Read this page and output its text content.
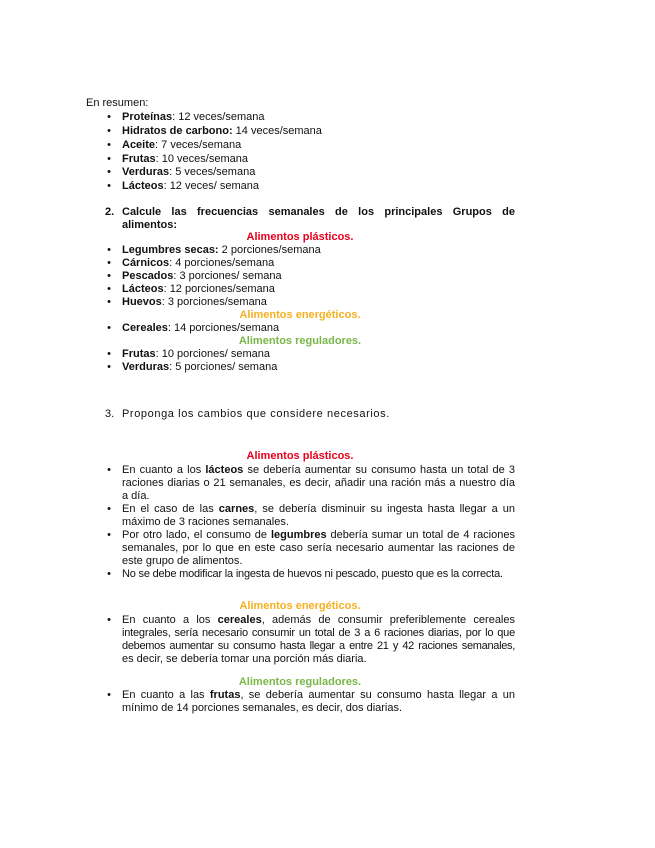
En resumen:
• Proteínas: 12 veces/semana
• Hidratos de carbono: 14 veces/semana
• Aceite: 7 veces/semana
• Frutas: 10 veces/semana
• Verduras: 5 veces/semana
• Lácteos: 12 veces/ semana
2. Calcule las frecuencias semanales de los principales Grupos de
alimentos:
Alimentos plásticos.
• Legumbres secas: 2 porciones/semana
• Cárnicos: 4 porciones/semana
• Pescados: 3 porciones/ semana
• Lácteos: 12 porciones/semana
• Huevos: 3 porciones/semana
Alimentos energéticos.
• Cereales: 14 porciones/semana
Alimentos reguladores.
• Frutas: 10 porciones/ semana
• Verduras: 5 porciones/ semana
3. Proponga los cambios que considere necesarios.
Alimentos plásticos.
• En cuanto a los lácteos se debería aumentar su consumo hasta un total de 3
raciones diarias o 21 semanales, es decir, añadir una ración más a nuestro día
a día.
• En el caso de las carnes, se debería disminuir su ingesta hasta llegar a un
máximo de 3 raciones semanales.
• Por otro lado, el consumo de legumbres debería sumar un total de 4 raciones
semanales, por lo que en este caso sería necesario aumentar las raciones de
este grupo de alimentos.
• No se debe modificar la ingesta de huevos ni pescado, puesto que es la correcta.
Alimentos energéticos.
• En cuanto a los cereales, además de consumir preferiblemente cereales
integrales, sería necesario consumir un total de 3 a 6 raciones diarias, por lo que
debemos aumentar su consumo hasta llegar a entre 21 y 42 raciones semanales,
es decir, se debería tomar una porción más diaria.
Alimentos reguladores.
• En cuanto a las frutas, se debería aumentar su consumo hasta llegar a un
mínimo de 14 porciones semanales, es decir, dos diarias.
